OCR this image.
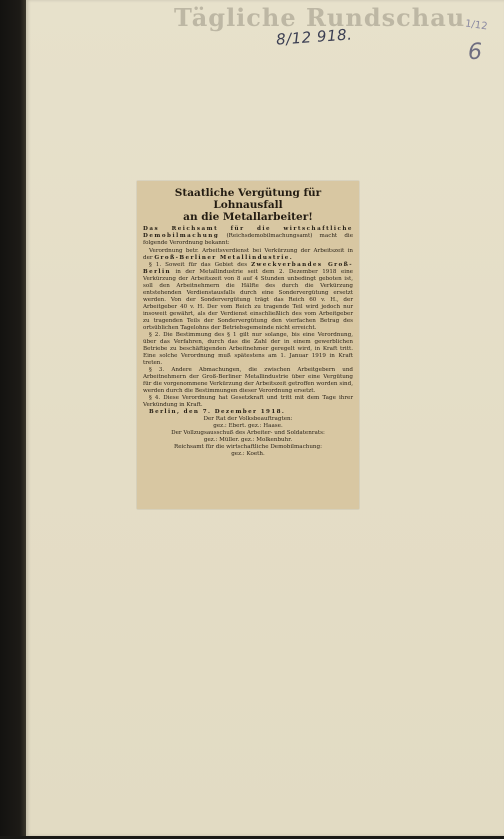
Tägliche Rundschau
8/12 918.	1/12
6
Staatliche Vergütung für Lohnausfall
an die Metallarbeiter!
Das Reichsamt für die wirtschaftliche Demobilmachung (Reichsdemobilmachungsamt) macht die folgende Verordnung bekannt:

Verordnung betr. Arbeitsverdienst bei Verkürzung der Arbeitszeit in der Groß-Berliner Metallindustrie.

§ 1. Soweit für das Gebiet des Zweckverbandes Groß-Berlin in der Metallindustrie seit dem 2. Dezember 1918 eine Verkürzung der Arbeitszeit von 8 auf 4 Stunden unbedingt geboten ist, soll den Arbeitnehmern die Hälfte des durch die Verkürzung entstehenden Verdienstausfalls durch eine Sondervergütung ersetzt werden. Von der Sondervergütung trägt das Reich 60 v. H., der Arbeitgeber 40 v. H. Der vom Reich zu tragende Teil wird jedoch nur insoweit gewährt, als der Verdienst einschließlich des vom Arbeitgeber zu tragenden Teils der Sondervergütung den vierfachen Betrag des ortsüblichen Tagelohns der Betriebsgemeinde nicht erreicht.

§ 2. Die Bestimmung des § 1 gilt nur solange, bis eine Verordnung, über das Verfahren, durch das die Zahl der in einem gewerblichen Betriebe zu beschäftigenden Arbeitnehmer geregelt wird, in Kraft tritt. Eine solche Verordnung muß spätestens am 1. Januar 1919 in Kraft treten.

§ 3. Andere Abmachungen, die zwischen Arbeitgebern und Arbeitnehmern der Groß-Berliner Metallindustrie über eine Vergütung für die vorgenommene Verkürzung der Arbeitszeit getroffen worden sind, werden durch die Bestimmungen dieser Verordnung ersetzt.

§ 4. Diese Verordnung hat Gesetzkraft und tritt mit dem Tage ihrer Verkündung in Kraft.

Berlin, den 7. Dezember 1918.

Der Rat der Volksbeauftragten:

gez.: Ebert. gez.: Haase.

Der Vollzugsausschuß des Arbeiter- und Soldatenrats:

gez.: Müller. gez.: Molkenbuhr.

Reichsamt für die wirtschaftliche Demobilmachung:

gez.: Koeth.
